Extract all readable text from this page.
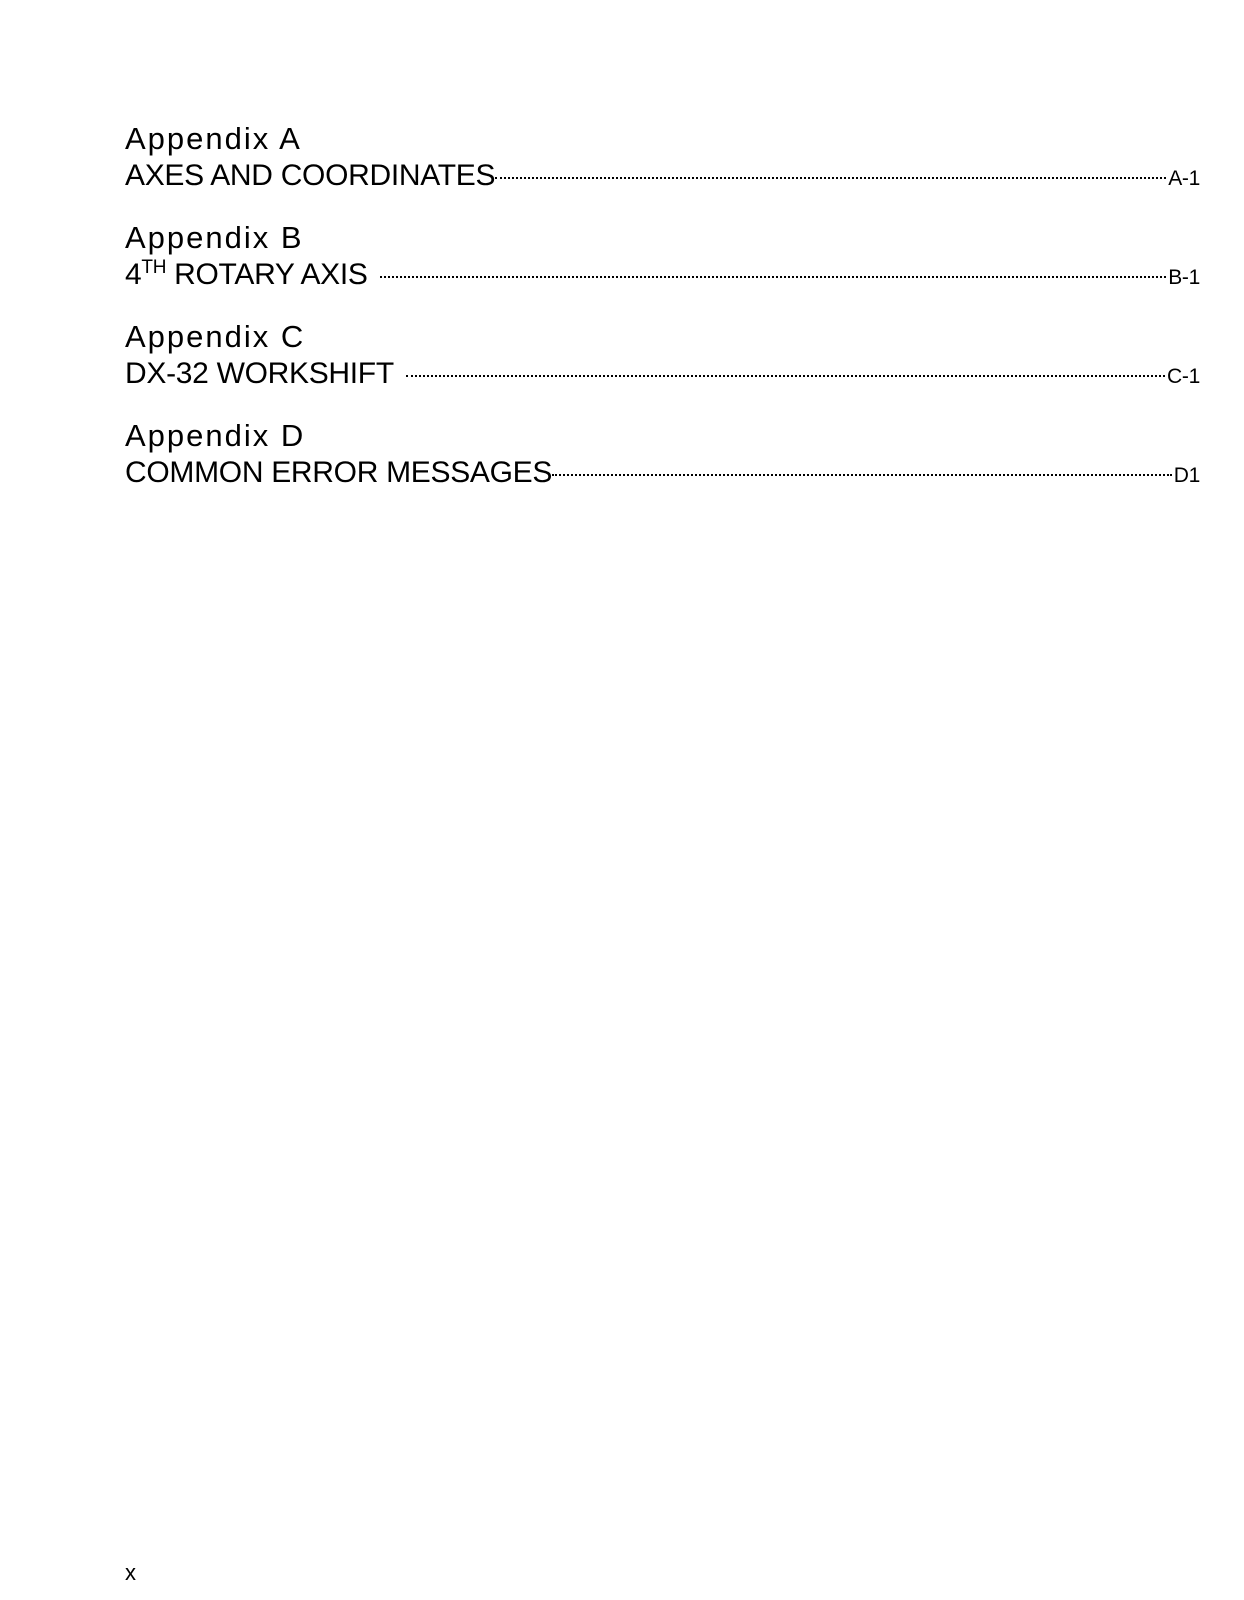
Appendix A
AXES AND COORDINATES	A-1
Appendix B
4TH ROTARY AXIS	B-1
Appendix C
DX-32 WORKSHIFT	C-1
Appendix D
COMMON ERROR MESSAGES	D1
x
